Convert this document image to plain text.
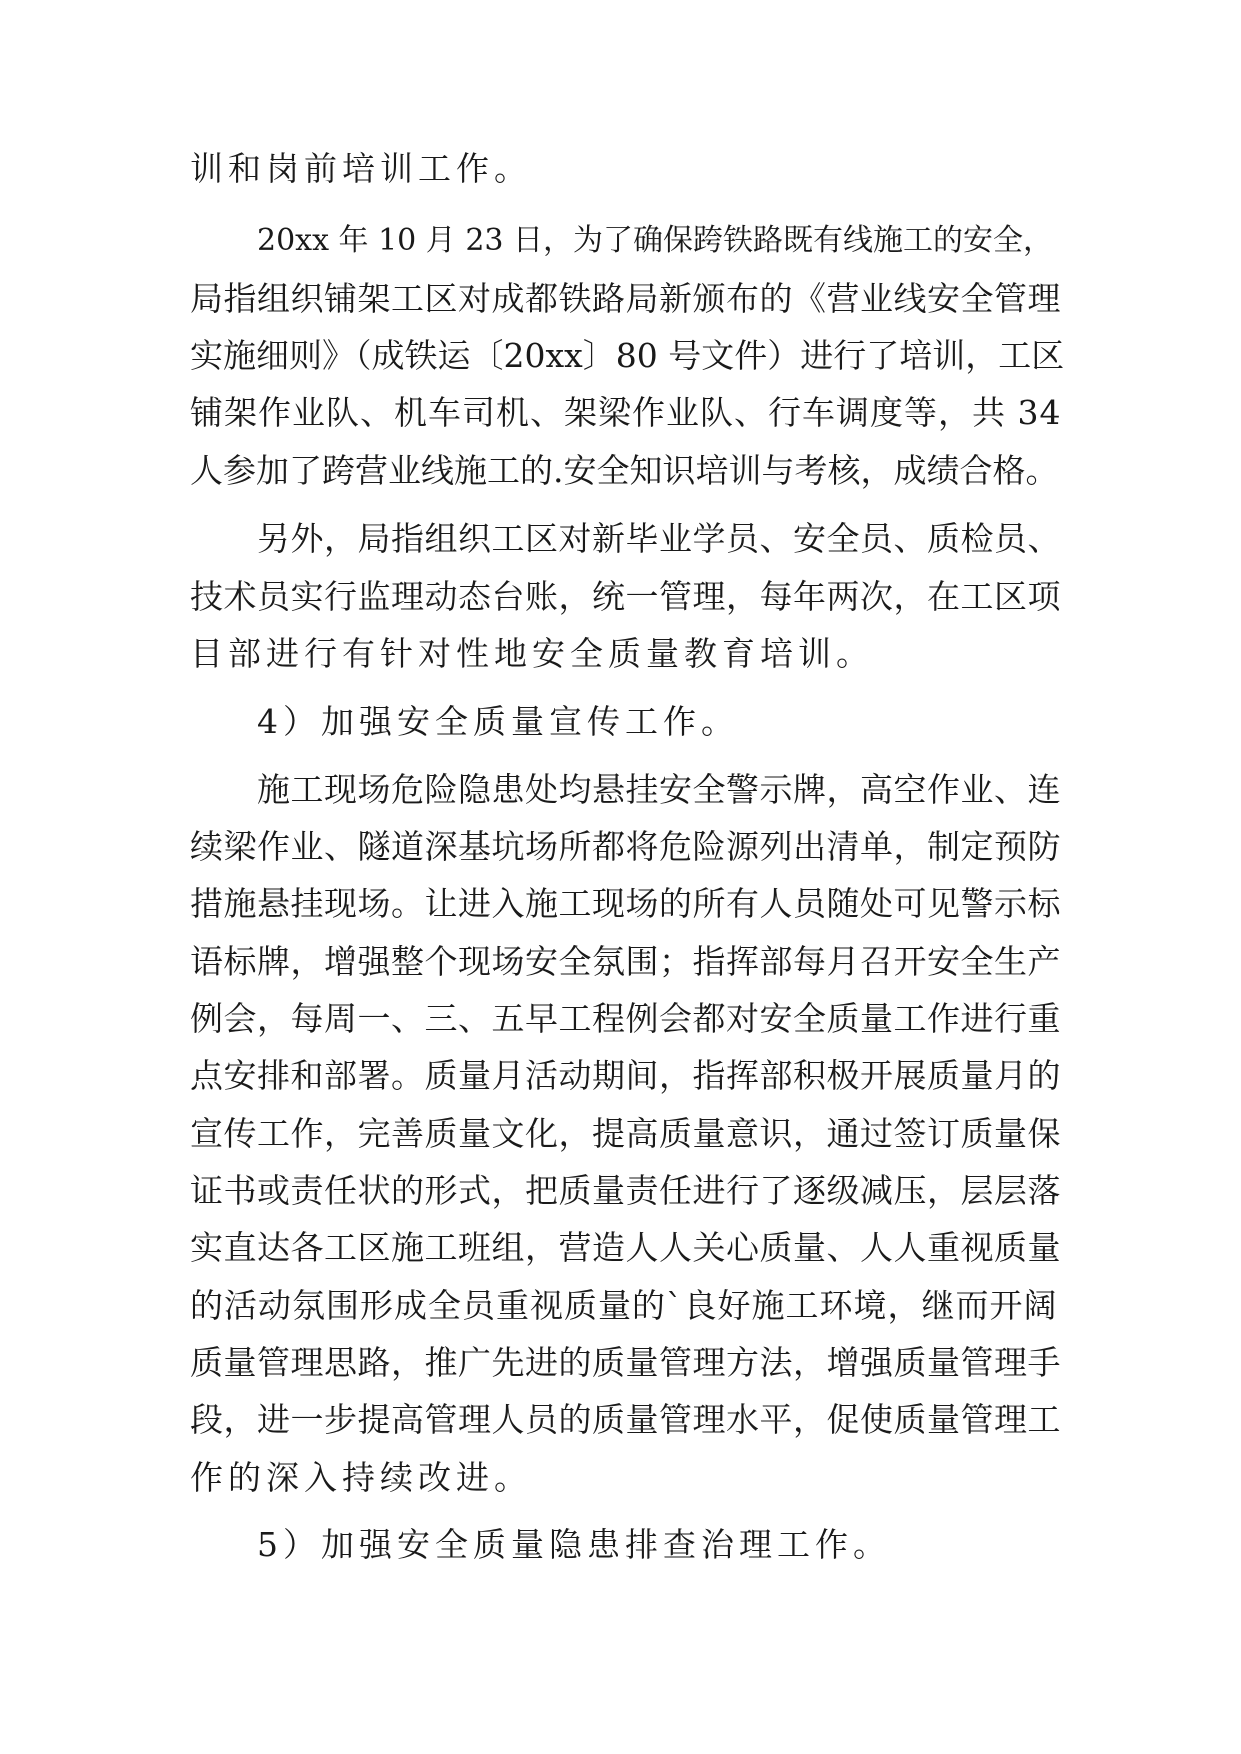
训和岗前培训工作。
20xx 年 10 月 23 日，为了确保跨铁路既有线施工的安全，
局指组织铺架工区对成都铁路局新颁布的《营业线安全管理
实施细则》（成铁运〔20xx〕80 号文件）进行了培训，工区
铺架作业队、机车司机、架梁作业队、行车调度等，共 34
人参加了跨营业线施工的.安全知识培训与考核，成绩合格。
另外，局指组织工区对新毕业学员、安全员、质检员、
技术员实行监理动态台账，统一管理，每年两次，在工区项
目部进行有针对性地安全质量教育培训。
4）加强安全质量宣传工作。
施工现场危险隐患处均悬挂安全警示牌，高空作业、连
续梁作业、隧道深基坑场所都将危险源列出清单，制定预防
措施悬挂现场。让进入施工现场的所有人员随处可见警示标
语标牌，增强整个现场安全氛围；指挥部每月召开安全生产
例会，每周一、三、五早工程例会都对安全质量工作进行重
点安排和部署。质量月活动期间，指挥部积极开展质量月的
宣传工作，完善质量文化，提高质量意识，通过签订质量保
证书或责任状的形式，把质量责任进行了逐级减压，层层落
实直达各工区施工班组，营造人人关心质量、人人重视质量
的活动氛围形成全员重视质量的`良好施工环境，继而开阔
质量管理思路，推广先进的质量管理方法，增强质量管理手
段，进一步提高管理人员的质量管理水平，促使质量管理工
作的深入持续改进。
5）加强安全质量隐患排查治理工作。
